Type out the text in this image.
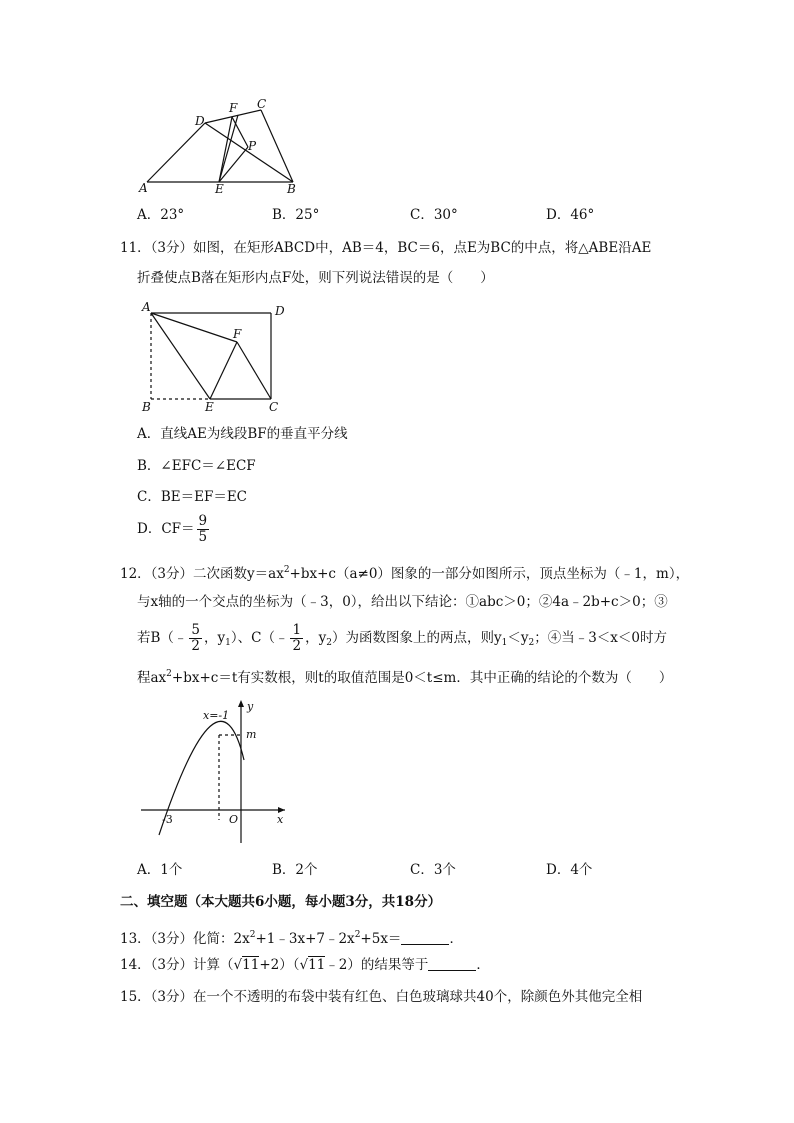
A	B
C
D
E
F
P
A．23°	B．25°	C．30°	D．46°
11．（3分）如图，在矩形ABCD中，AB＝4，BC＝6，点E为BC的中点，将△ABE沿AE
折叠使点B落在矩形内点F处，则下列说法错误的是（　　）
A	D
F
B	E	C
A．直线AE为线段BF的垂直平分线
B．∠EFC＝∠ECF
C．BE＝EF＝EC
D．$CF= \frac{9}{5}$
12．（3分）二次函数$y=ax^2+bx+c(a\ne 0)$图象的一部分如图所示，顶点坐标为（﹣1，m），
与x轴的一个交点的坐标为（﹣3，0），给出以下结论：①abc＞0；②4a﹣2b+c＞0；③
若B（﹣ $\frac{5}{2}$ ，$y_1$）、C（﹣ $\frac{1}{2}$ ，$y_2$）为函数图象上的两点，则$y_1<y_2$；④当﹣3＜x＜0时方
程$ax^2+bx+c=t$有实数根，则t的取值范围是0＜t≤m．其中正确的结论的个数为（　　）
x=-1
y
m
-3	O	x
A．1个	B．2个	C．3个	D．4个
二、填空题（本大题共6小题，每小题3分，共18分）
13．（3分）化简：$2x^2+1﹣3x+7﹣2x^2+5x=$	．
14．（3分）计算（√11+2）（√11﹣2）的结果等于	．
15．（3分）在一个不透明的布袋中装有红色、白色玻璃球共40个，除颜色外其他完全相
